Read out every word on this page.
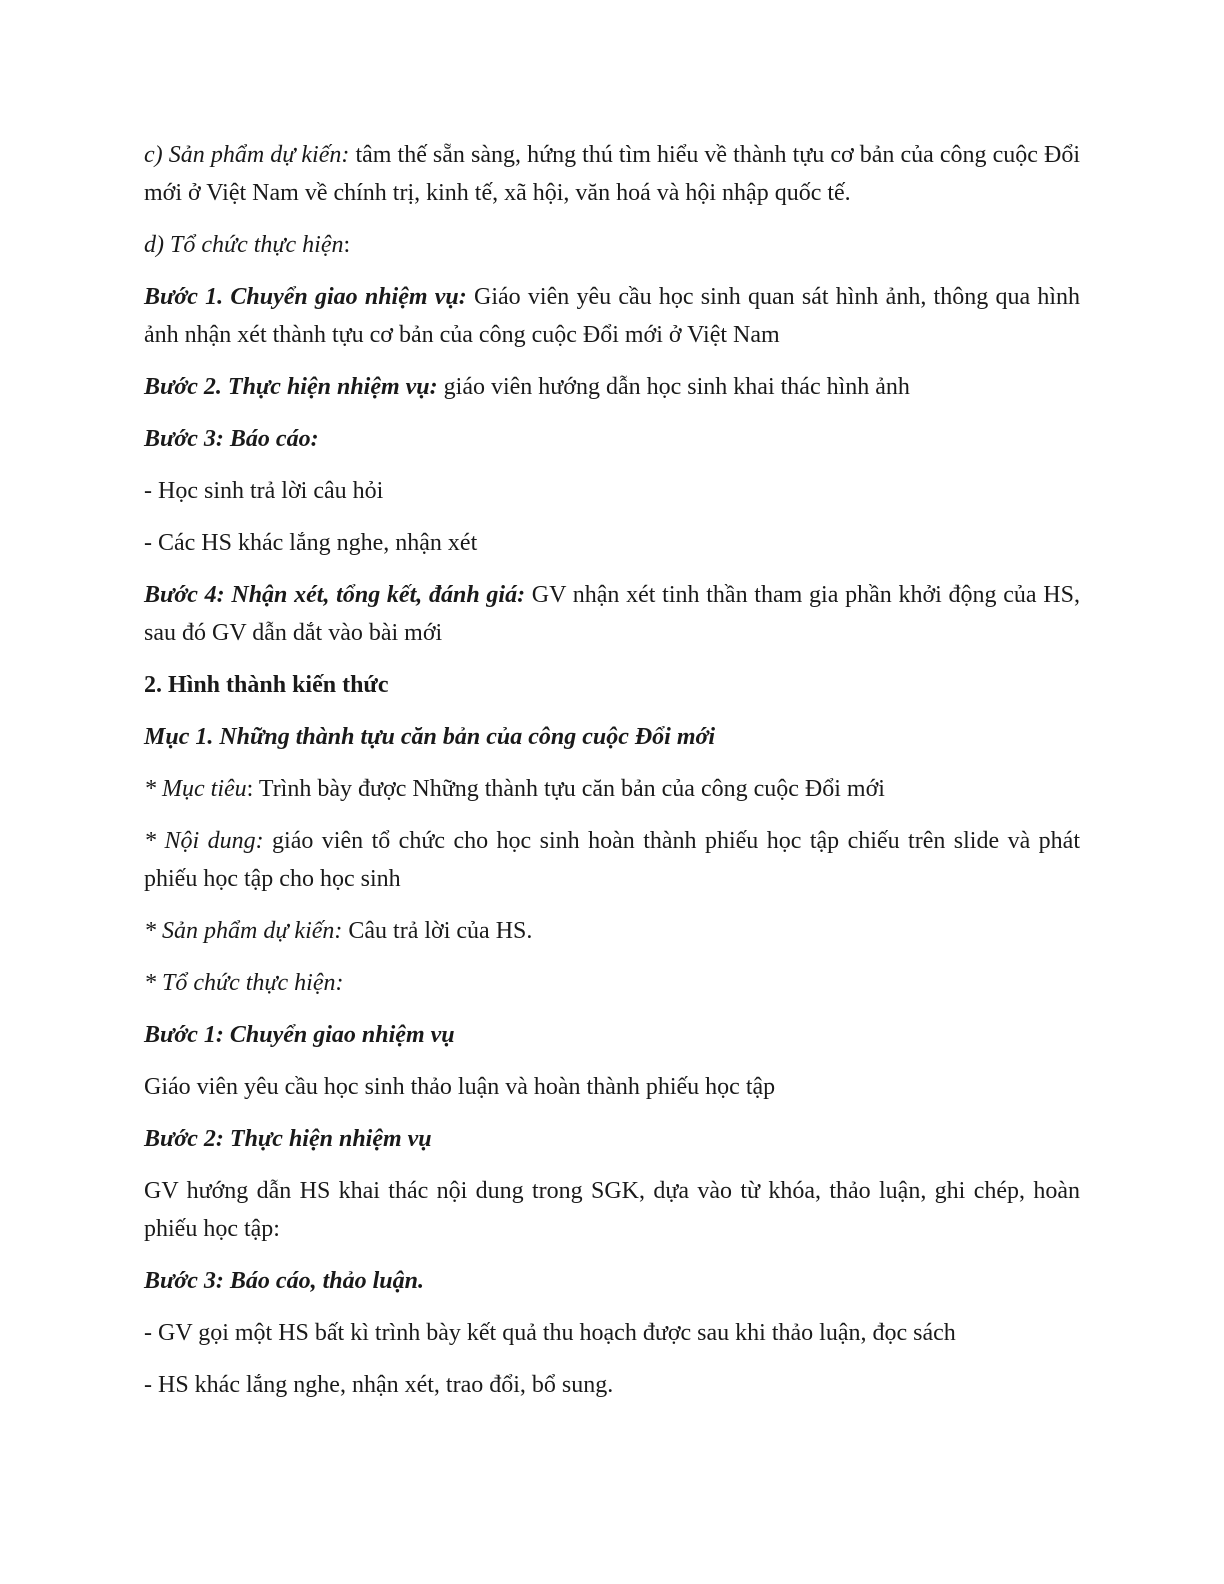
c) Sản phẩm dự kiến: tâm thế sẵn sàng, hứng thú tìm hiểu về thành tựu cơ bản của công cuộc Đổi mới ở Việt Nam về chính trị, kinh tế, xã hội, văn hoá và hội nhập quốc tế.

d) Tổ chức thực hiện:

Bước 1. Chuyển giao nhiệm vụ: Giáo viên yêu cầu học sinh quan sát hình ảnh, thông qua hình ảnh nhận xét thành tựu cơ bản của công cuộc Đổi mới ở Việt Nam

Bước 2. Thực hiện nhiệm vụ: giáo viên hướng dẫn học sinh khai thác hình ảnh

Bước 3: Báo cáo:

- Học sinh trả lời câu hỏi

- Các HS khác lắng nghe, nhận xét

Bước 4: Nhận xét, tổng kết, đánh giá: GV nhận xét tinh thần tham gia phần khởi động của HS, sau đó GV dẫn dắt vào bài mới

2. Hình thành kiến thức

Mục 1. Những thành tựu căn bản của công cuộc Đổi mới

* Mục tiêu: Trình bày được Những thành tựu căn bản của công cuộc Đổi mới

* Nội dung: giáo viên tổ chức cho học sinh hoàn thành phiếu học tập chiếu trên slide và phát phiếu học tập cho học sinh

* Sản phẩm dự kiến: Câu trả lời của HS.

* Tổ chức thực hiện:

Bước 1: Chuyển giao nhiệm vụ

Giáo viên yêu cầu học sinh thảo luận và hoàn thành phiếu học tập

Bước 2: Thực hiện nhiệm vụ

GV hướng dẫn HS khai thác nội dung trong SGK, dựa vào từ khóa, thảo luận, ghi chép, hoàn phiếu học tập:

Bước 3: Báo cáo, thảo luận.

- GV gọi một HS bất kì trình bày kết quả thu hoạch được sau khi thảo luận, đọc sách

- HS khác lắng nghe, nhận xét, trao đổi, bổ sung.
